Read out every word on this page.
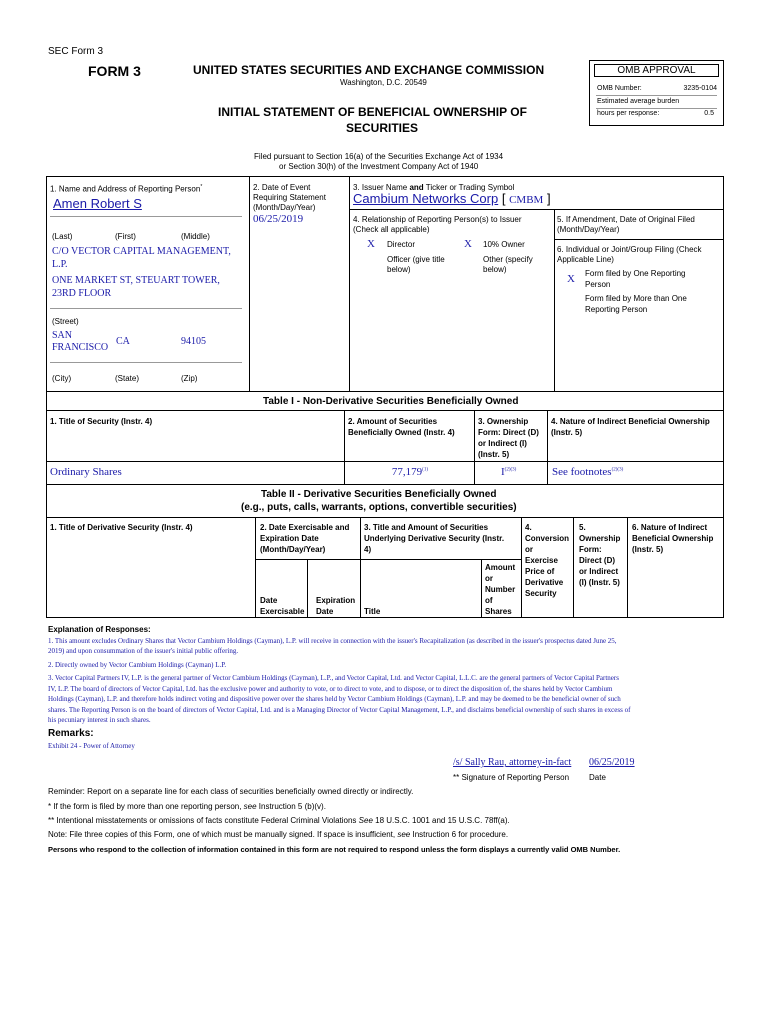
SEC Form 3
FORM 3	UNITED STATES SECURITIES AND EXCHANGE COMMISSION
Washington, D.C. 20549
INITIAL STATEMENT OF BENEFICIAL OWNERSHIP OF
SECURITIES
Filed pursuant to Section 16(a) of the Securities Exchange Act of 1934
or Section 30(h) of the Investment Company Act of 1940
OMB APPROVAL
OMB Number:	3235-0104
Estimated average burden
hours per response:	0.5
1. Name and Address of Reporting Person*
Amen Robert S
(Last)	(First)	(Middle)
C/O VECTOR CAPITAL MANAGEMENT,
L.P.
ONE MARKET ST, STEUART TOWER,
23RD FLOOR
(Street)
SAN
FRANCISCO
CA	94105
(City)	(State)	(Zip)
2. Date of Event
Requiring Statement
(Month/Day/Year)
06/25/2019
3. Issuer Name and Ticker or Trading Symbol
Cambium Networks Corp [ CMBM ]
4. Relationship of Reporting Person(s) to Issuer
(Check all applicable)
X Director	X 10% Owner
Officer (give title
below)
Other (specify
below)
5. If Amendment, Date of Original Filed
(Month/Day/Year)
6. Individual or Joint/Group Filing (Check
Applicable Line)
X Form filed by One Reporting
Person
Form filed by More than One
Reporting Person
Table I - Non-Derivative Securities Beneficially Owned
1. Title of Security (Instr. 4)	2. Amount of Securities
Beneficially Owned (Instr. 4)
3. Ownership
Form: Direct (D)
or Indirect (I)
(Instr. 5)
4. Nature of Indirect Beneficial Ownership
(Instr. 5)
Ordinary Shares	77,179$^{(1)}$	$I^{(2)(3)}$	See footnotes$^{(2)(3)}$
Table II - Derivative Securities Beneficially Owned
(e.g., puts, calls, warrants, options, convertible securities)
1. Title of Derivative Security (Instr. 4)	2. Date Exercisable and
Expiration Date
(Month/Day/Year)
Date
Exercisable
Expiration
Date
3. Title and Amount of Securities
Underlying Derivative Security (Instr.
4)
Title
Amount
or
Number
of
Shares
4.
Conversion
or
Exercise
Price of
Derivative
Security
5.
Ownership
Form:
Direct (D)
or Indirect
(I) (Instr. 5)
6. Nature of Indirect
Beneficial Ownership
(Instr. 5)
Explanation of Responses:
1. This amount excludes Ordinary Shares that Vector Cambium Holdings (Cayman), L.P. will receive in connection with the issuer's Recapitalization (as described in the issuer's prospectus dated June 25,
2019) and upon consummation of the issuer's initial public offering.
2. Directly owned by Vector Cambium Holdings (Cayman) L.P.
3. Vector Capital Partners IV, L.P. is the general partner of Vector Cambium Holdings (Cayman), L.P., and Vector Capital, Ltd. and Vector Capital, L.L.C. are the general partners of Vector Capital Partners
IV, L.P. The board of directors of Vector Capital, Ltd. has the exclusive power and authority to vote, or to direct to vote, and to dispose, or to direct the disposition of, the shares held by Vector Cambium
Holdings (Cayman), L.P. and therefore holds indirect voting and dispositive power over the shares held by Vector Cambium Holdings (Cayman), L.P. and may be deemed to be the beneficial owner of such
shares. The Reporting Person is on the board of directors of Vector Capital, Ltd. and is a Managing Director of Vector Capital Management, L.P., and disclaims beneficial ownership of such shares in excess of
his pecuniary interest in such shares.
Remarks:
Exhibit 24 - Power of Attorney
/s/ Sally Rau, attorney-in-fact 06/25/2019
** Signature of Reporting Person Date
Reminder: Report on a separate line for each class of securities beneficially owned directly or indirectly.
* If the form is filed by more than one reporting person, see Instruction 5 (b)(v).
** Intentional misstatements or omissions of facts constitute Federal Criminal Violations See 18 U.S.C. 1001 and 15 U.S.C. 78ff(a).
Note: File three copies of this Form, one of which must be manually signed. If space is insufficient, see Instruction 6 for procedure.
Persons who respond to the collection of information contained in this form are not required to respond unless the form displays a currently valid OMB Number.
